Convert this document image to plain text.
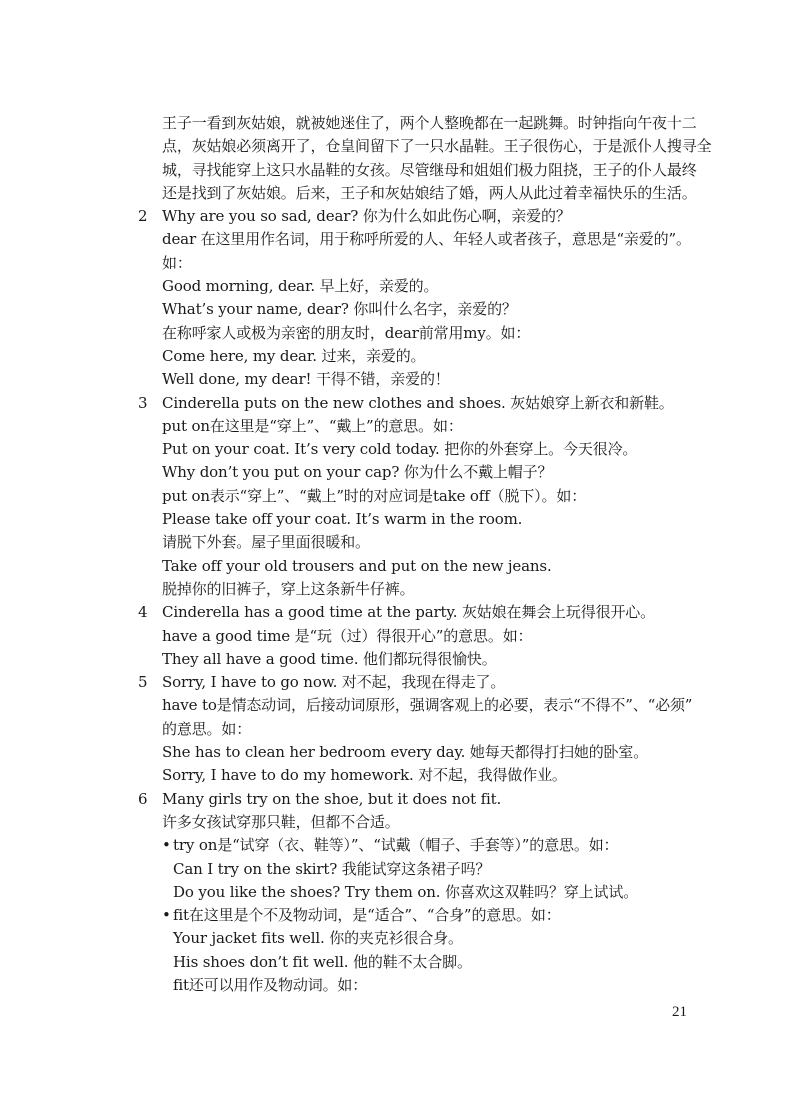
王子一看到灰姑娘，就被她迷住了，两个人整晚都在一起跳舞。时钟指向午夜十二
点，灰姑娘必须离开了，仓皇间留下了一只水晶鞋。王子很伤心，于是派仆人搜寻全
城，寻找能穿上这只水晶鞋的女孩。尽管继母和姐姐们极力阻挠，王子的仆人最终
还是找到了灰姑娘。后来，王子和灰姑娘结了婚，两人从此过着幸福快乐的生活。
2 Why are you so sad, dear? 你为什么如此伤心啊，亲爱的？
dear 在这里用作名词，用于称呼所爱的人、年轻人或者孩子，意思是“亲爱的”。
如：
Good morning, dear. 早上好，亲爱的。
What’s your name, dear? 你叫什么名字，亲爱的？
在称呼家人或极为亲密的朋友时，dear前常用my。如：
Come here, my dear. 过来，亲爱的。
Well done, my dear! 干得不错，亲爱的！
3 Cinderella puts on the new clothes and shoes. 灰姑娘穿上新衣和新鞋。
put on在这里是“穿上”、“戴上”的意思。如：
Put on your coat. It’s very cold today. 把你的外套穿上。今天很冷。
Why don’t you put on your cap? 你为什么不戴上帽子？
put on表示“穿上”、“戴上”时的对应词是take off（脱下）。如：
Please take off your coat. It’s warm in the room.
请脱下外套。屋子里面很暖和。
Take off your old trousers and put on the new jeans.
脱掉你的旧裤子，穿上这条新牛仔裤。
4 Cinderella has a good time at the party. 灰姑娘在舞会上玩得很开心。
have a good time 是“玩（过）得很开心”的意思。如：
They all have a good time. 他们都玩得很愉快。
5 Sorry, I have to go now. 对不起，我现在得走了。
have to是情态动词，后接动词原形，强调客观上的必要，表示“不得不”、“必须”
的意思。如：
She has to clean her bedroom every day. 她每天都得打扫她的卧室。
Sorry, I have to do my homework. 对不起，我得做作业。
6 Many girls try on the shoe, but it does not fit.
许多女孩试穿那只鞋，但都不合适。
• try on是“试穿（衣、鞋等）”、“试戴（帽子、手套等）”的意思。如：
Can I try on the skirt? 我能试穿这条裙子吗？
Do you like the shoes? Try them on. 你喜欢这双鞋吗？穿上试试。
• fit在这里是个不及物动词，是“适合”、“合身”的意思。如：
Your jacket fits well. 你的夹克衫很合身。
His shoes don’t fit well. 他的鞋不太合脚。
fit还可以用作及物动词。如：
21
